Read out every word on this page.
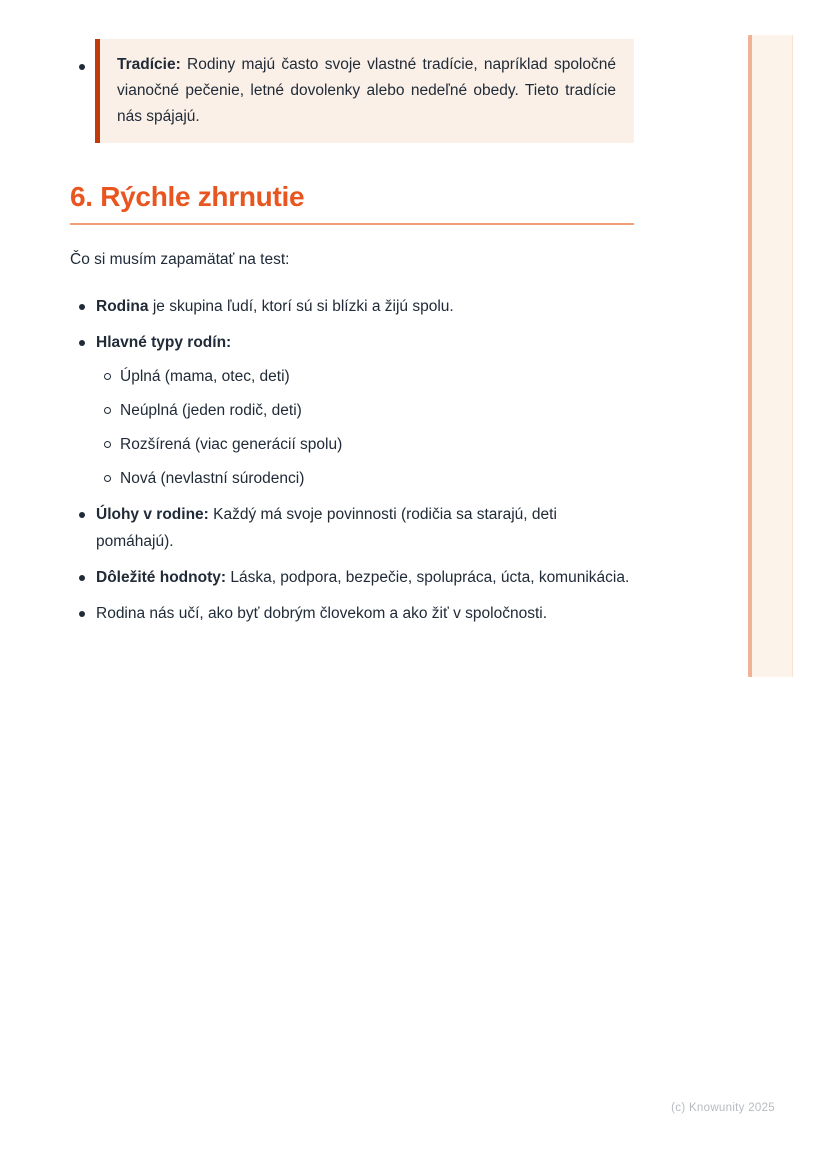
Tradície: Rodiny majú často svoje vlastné tradície, napríklad spoločné vianočné pečenie, letné dovolenky alebo nedeľné obedy. Tieto tradície nás spájajú.

6. Rýchle zhrnutie

Čo si musím zapamätať na test:

Rodina je skupina ľudí, ktorí sú si blízki a žijú spolu.
Hlavné typy rodín:
Úplná (mama, otec, deti)
Neúplná (jeden rodič, deti)
Rozšírená (viac generácií spolu)
Nová (nevlastní súrodenci)
Úlohy v rodine: Každý má svoje povinnosti (rodičia sa starajú, deti pomáhajú).
Dôležité hodnoty: Láska, podpora, bezpečie, spolupráca, úcta, komunikácia.
Rodina nás učí, ako byť dobrým človekom a ako žiť v spoločnosti.
(c) Knowunity 2025
